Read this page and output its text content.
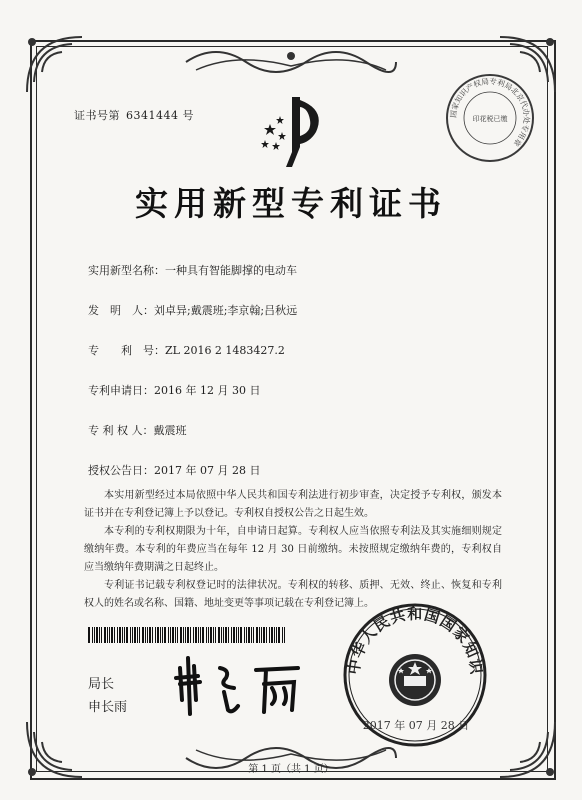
证书号第 6341444 号	国家知识产权局专利局北京代办处专用章
印花税已缴
实用新型专利证书
实用新型名称：一种具有智能脚撑的电动车
发　明　人：刘卓异;戴震班;李京翰;吕秋远
专　　利　号：ZL 2016 2 1483427.2
专利申请日：2016 年 12 月 30 日
专 利 权 人：戴震班
授权公告日：2017 年 07 月 28 日

本实用新型经过本局依照中华人民共和国专利法进行初步审查，决定授予专利权，颁发本证书并在专利登记簿上予以登记。专利权自授权公告之日起生效。

本专利的专利权期限为十年，自申请日起算。专利权人应当依照专利法及其实施细则规定缴纳年费。本专利的年费应当在每年 12 月 30 日前缴纳。未按照规定缴纳年费的，专利权自应当缴纳年费期满之日起终止。

专利证书记载专利权登记时的法律状况。专利权的转移、质押、无效、终止、恢复和专利权人的姓名或名称、国籍、地址变更等事项记载在专利登记簿上。

局长
申长雨
中华人民共和国国家知识
2017 年 07 月 28 日
第 1 页（共 1 页）
